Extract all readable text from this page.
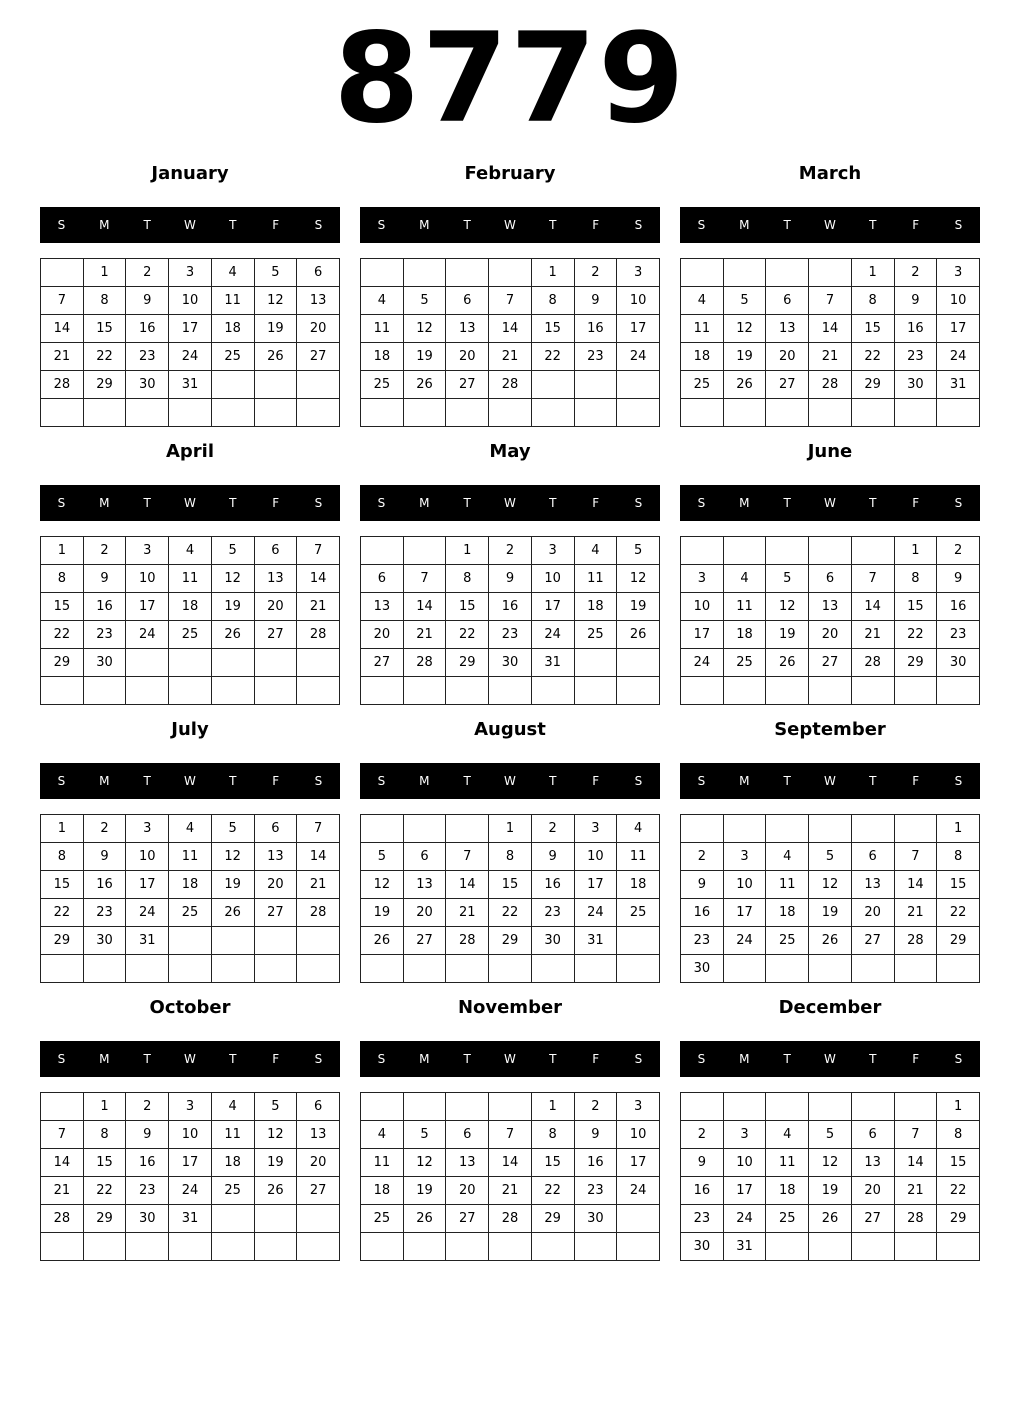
8779
January
S	M	T	W	T	F	S
	1	2	3	4	5	6
7	8	9	10	11	12	13
14	15	16	17	18	19	20
21	22	23	24	25	26	27
28	29	30	31			

February
S	M	T	W	T	F	S
				1	2	3
4	5	6	7	8	9	10
11	12	13	14	15	16	17
18	19	20	21	22	23	24
25	26	27	28			

March
S	M	T	W	T	F	S
				1	2	3
4	5	6	7	8	9	10
11	12	13	14	15	16	17
18	19	20	21	22	23	24
25	26	27	28	29	30	31

April
S	M	T	W	T	F	S
1	2	3	4	5	6	7
8	9	10	11	12	13	14
15	16	17	18	19	20	21
22	23	24	25	26	27	28
29	30					

May
S	M	T	W	T	F	S
		1	2	3	4	5
6	7	8	9	10	11	12
13	14	15	16	17	18	19
20	21	22	23	24	25	26
27	28	29	30	31		

June
S	M	T	W	T	F	S
					1	2
3	4	5	6	7	8	9
10	11	12	13	14	15	16
17	18	19	20	21	22	23
24	25	26	27	28	29	30

July
S	M	T	W	T	F	S
1	2	3	4	5	6	7
8	9	10	11	12	13	14
15	16	17	18	19	20	21
22	23	24	25	26	27	28
29	30	31				

August
S	M	T	W	T	F	S
			1	2	3	4
5	6	7	8	9	10	11
12	13	14	15	16	17	18
19	20	21	22	23	24	25
26	27	28	29	30	31	

September
S	M	T	W	T	F	S
						1
2	3	4	5	6	7	8
9	10	11	12	13	14	15
16	17	18	19	20	21	22
23	24	25	26	27	28	29
30						
October
S	M	T	W	T	F	S
	1	2	3	4	5	6
7	8	9	10	11	12	13
14	15	16	17	18	19	20
21	22	23	24	25	26	27
28	29	30	31			

November
S	M	T	W	T	F	S
				1	2	3
4	5	6	7	8	9	10
11	12	13	14	15	16	17
18	19	20	21	22	23	24
25	26	27	28	29	30	

December
S	M	T	W	T	F	S
						1
2	3	4	5	6	7	8
9	10	11	12	13	14	15
16	17	18	19	20	21	22
23	24	25	26	27	28	29
30	31					
